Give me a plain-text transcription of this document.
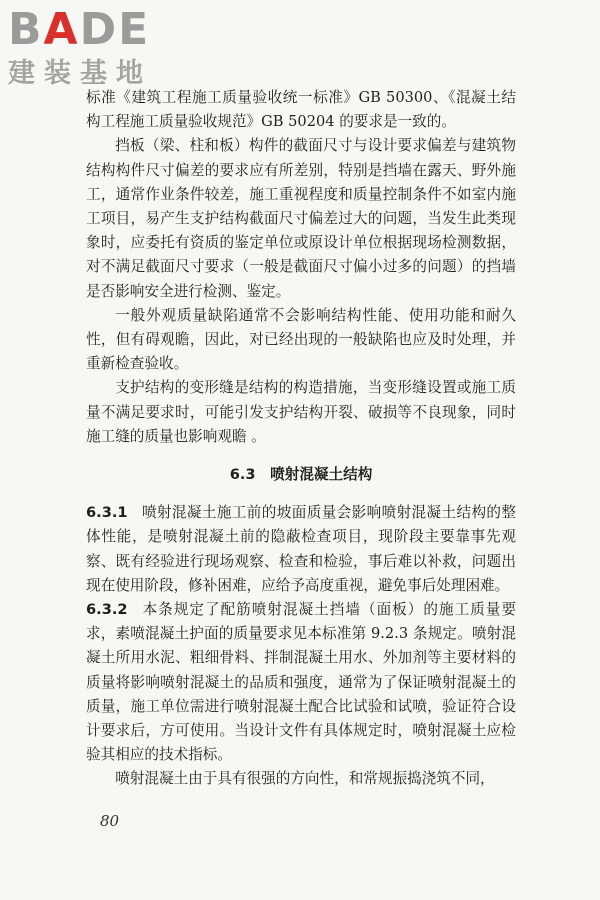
BADE
建装基地

标准《建筑工程施工质量验收统一标准》GB 50300、《混凝土结构工程施工质量验收规范》GB 50204 的要求是一致的。

挡板（梁、柱和板）构件的截面尺寸与设计要求偏差与建筑物结构构件尺寸偏差的要求应有所差别，特别是挡墙在露天、野外施工，通常作业条件较差，施工重视程度和质量控制条件不如室内施工项目，易产生支护结构截面尺寸偏差过大的问题，当发生此类现象时，应委托有资质的鉴定单位或原设计单位根据现场检测数据，对不满足截面尺寸要求（一般是截面尺寸偏小过多的问题）的挡墙是否影响安全进行检测、鉴定。

一般外观质量缺陷通常不会影响结构性能、使用功能和耐久性，但有碍观瞻，因此，对已经出现的一般缺陷也应及时处理，并重新检查验收。

支护结构的变形缝是结构的构造措施，当变形缝设置或施工质量不满足要求时，可能引发支护结构开裂、破损等不良现象，同时施工缝的质量也影响观瞻 。

6.3  喷射混凝土结构

6.3.1 喷射混凝土施工前的坡面质量会影响喷射混凝土结构的整体性能，是喷射混凝土前的隐蔽检查项目，现阶段主要靠事先观察、既有经验进行现场观察、检查和检验，事后难以补救，问题出现在使用阶段，修补困难，应给予高度重视，避免事后处理困难。

6.3.2 本条规定了配筋喷射混凝土挡墙（面板）的施工质量要求，素喷混凝土护面的质量要求见本标准第 9.2.3 条规定。喷射混凝土所用水泥、粗细骨料、拌制混凝土用水、外加剂等主要材料的质量将影响喷射混凝土的品质和强度，通常为了保证喷射混凝土的质量，施工单位需进行喷射混凝土配合比试验和试喷，验证符合设计要求后，方可使用。当设计文件有具体规定时，喷射混凝土应检验其相应的技术指标。

喷射混凝土由于具有很强的方向性，和常规振捣浇筑不同，

80
